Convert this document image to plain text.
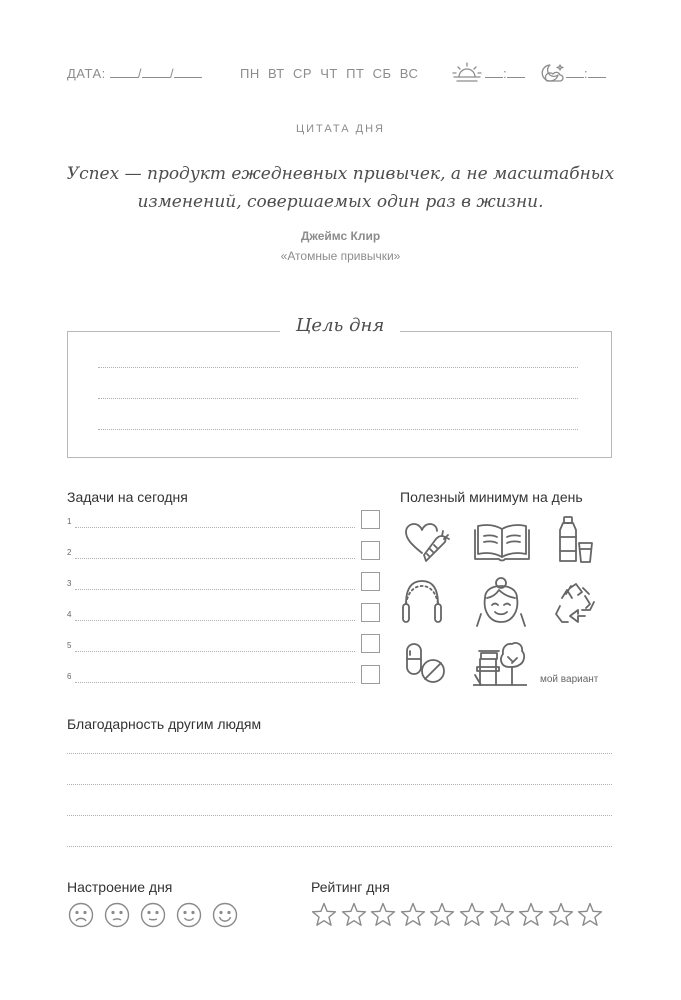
ДАТА: / /	ПН ВТ СР ЧТ ПТ СБ ВС	:	:
ЦИТАТА ДНЯ
Успех — продукт ежедневных привычек, а не масштабных изменений, совершаемых один раз в жизни.
Джеймс Клир
«Атомные привычки»
Цель дня
Задачи на сегодня
1
2
3
4
5
6
Полезный минимум на день
мой вариант
Благодарность другим людям
Настроение дня	Рейтинг дня
